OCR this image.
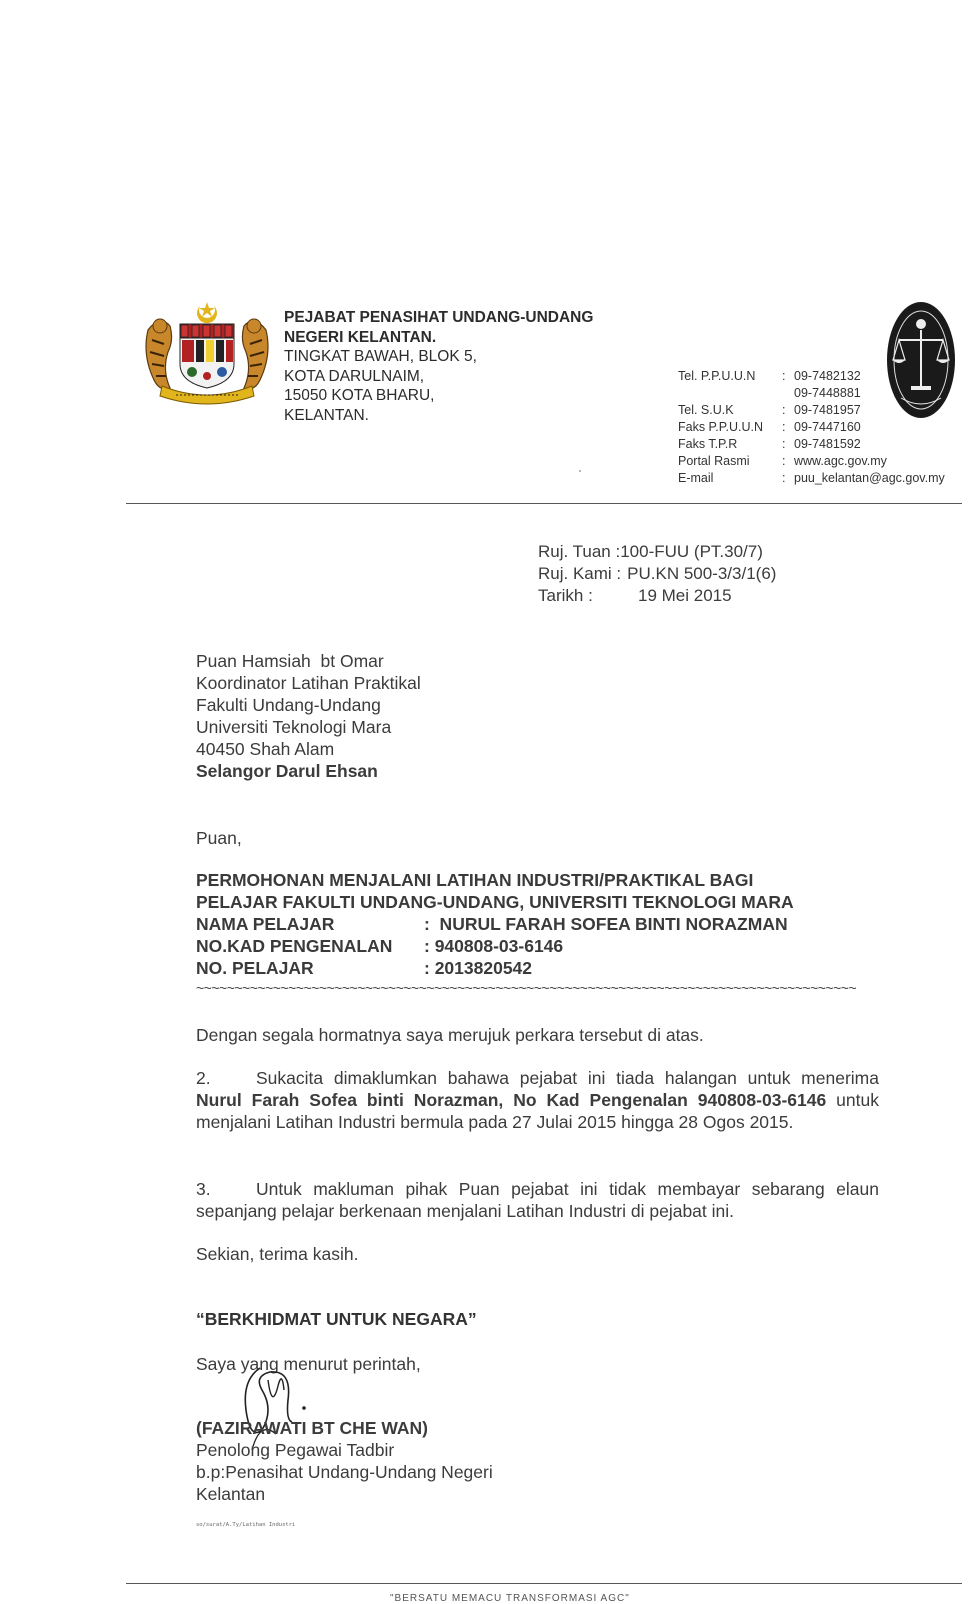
PEJABAT PENASIHAT UNDANG-UNDANG
NEGERI KELANTAN.
TINGKAT BAWAH, BLOK 5,
KOTA DARULNAIM,
15050 KOTA BHARU,
KELANTAN.
Tel. P.P.U.U.N	: 09-7482132
09-7448881
Tel. S.U.K	: 09-7481957
Faks P.P.U.U.N	: 09-7447160
Faks T.P.R	: 09-7481592
Portal Rasmi	: www.agc.gov.my
E-mail	: puu_kelantan@agc.gov.my
Ruj. Tuan : 100-FUU (PT.30/7)
Ruj. Kami : PU.KN 500-3/3/1(6)
Tarikh :	19 Mei 2015
Puan Hamsiah  bt Omar
Koordinator Latihan Praktikal
Fakulti Undang-Undang
Universiti Teknologi Mara
40450 Shah Alam
Selangor Darul Ehsan
Puan,
PERMOHONAN MENJALANI LATIHAN INDUSTRI/PRAKTIKAL BAGI
PELAJAR FAKULTI UNDANG-UNDANG, UNIVERSITI TEKNOLOGI MARA
NAMA PELAJAR	:  NURUL FARAH SOFEA BINTI NORAZMAN
NO.KAD PENGENALAN	: 940808-03-6146
NO. PELAJAR	: 2013820542
~~~~~~~~~~~~~~~~~~~~~~~~~~~~~~~~~~~~~~~~~~~~~~~~~~~~~~~~~~~~~~~~~~~~~~~~~~~~~~~~~~~~~~
Dengan segala hormatnya saya merujuk perkara tersebut di atas.
2.	Sukacita dimaklumkan bahawa pejabat ini tiada halangan untuk menerima Nurul Farah Sofea binti Norazman, No Kad Pengenalan 940808-03-6146 untuk menjalani Latihan Industri bermula pada 27 Julai 2015 hingga 28 Ogos 2015.
3.	Untuk makluman pihak Puan pejabat ini tidak membayar sebarang elaun sepanjang pelajar berkenaan menjalani Latihan Industri di pejabat ini.
Sekian, terima kasih.
“BERKHIDMAT UNTUK NEGARA”
Saya yang menurut perintah,
(FAZIRAWATI BT CHE WAN)
Penolong Pegawai Tadbir
b.p:Penasihat Undang-Undang Negeri
Kelantan
so/surat/A.Ty/Latihan Industri
"BERSATU MEMACU TRANSFORMASI AGC"
